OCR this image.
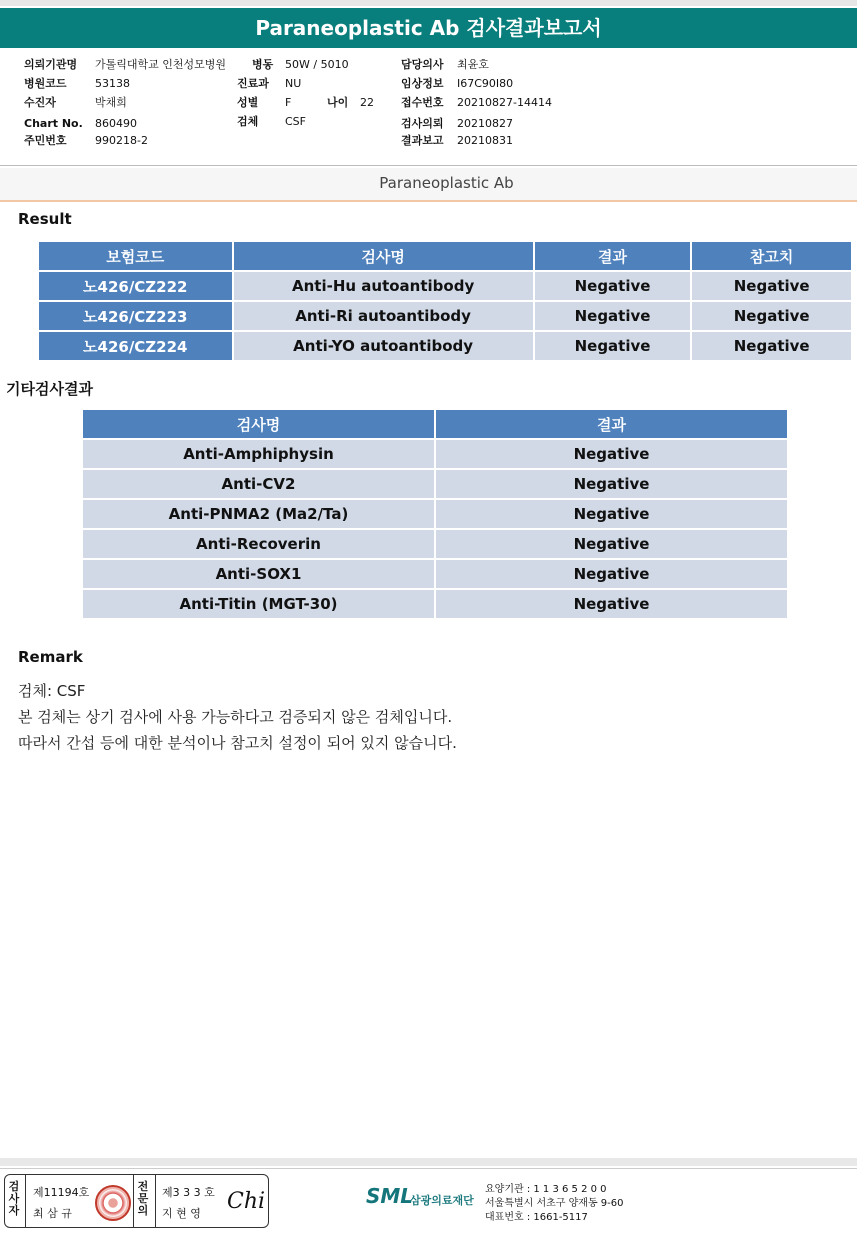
Paraneoplastic Ab 검사결과보고서
의뢰기관명 가톨릭대학교 인천성모병원
병원코드	53138
수진자	박채희
Chart No. 860490
주민번호	990218-2
병동 50W / 5010
진료과 NU
성별 F	나이 22
검체 CSF
담당의사 최윤호
임상정보 I67C90I80
접수번호 20210827-14414
검사의뢰 20210827
결과보고 20210831
Paraneoplastic Ab
Result
보험코드	검사명	결과	참고치
노426/CZ222	Anti-Hu autoantibody	Negative	Negative
노426/CZ223	Anti-Ri autoantibody	Negative	Negative
노426/CZ224	Anti-YO autoantibody	Negative	Negative
기타검사결과
검사명	결과
Anti-Amphiphysin	Negative
Anti-CV2	Negative
Anti-PNMA2 (Ma2/Ta)	Negative
Anti-Recoverin	Negative
Anti-SOX1	Negative
Anti-Titin (MGT-30)	Negative
Remark
검체: CSF
본 검체는 상기 검사에 사용 가능하다고 검증되지 않은 검체입니다.
따라서 간섭 등에 대한 분석이나 참고치 설정이 되어 있지 않습니다.
검사자
제11194호
최 삼 규
전문의
제3 3 3 호
지 현 영 Chi	SML
삼광의료재단
요양기관 : 1 1 3 6 5 2 0 0
서울특별시 서초구 양재동 9-60
대표번호 : 1661-5117
